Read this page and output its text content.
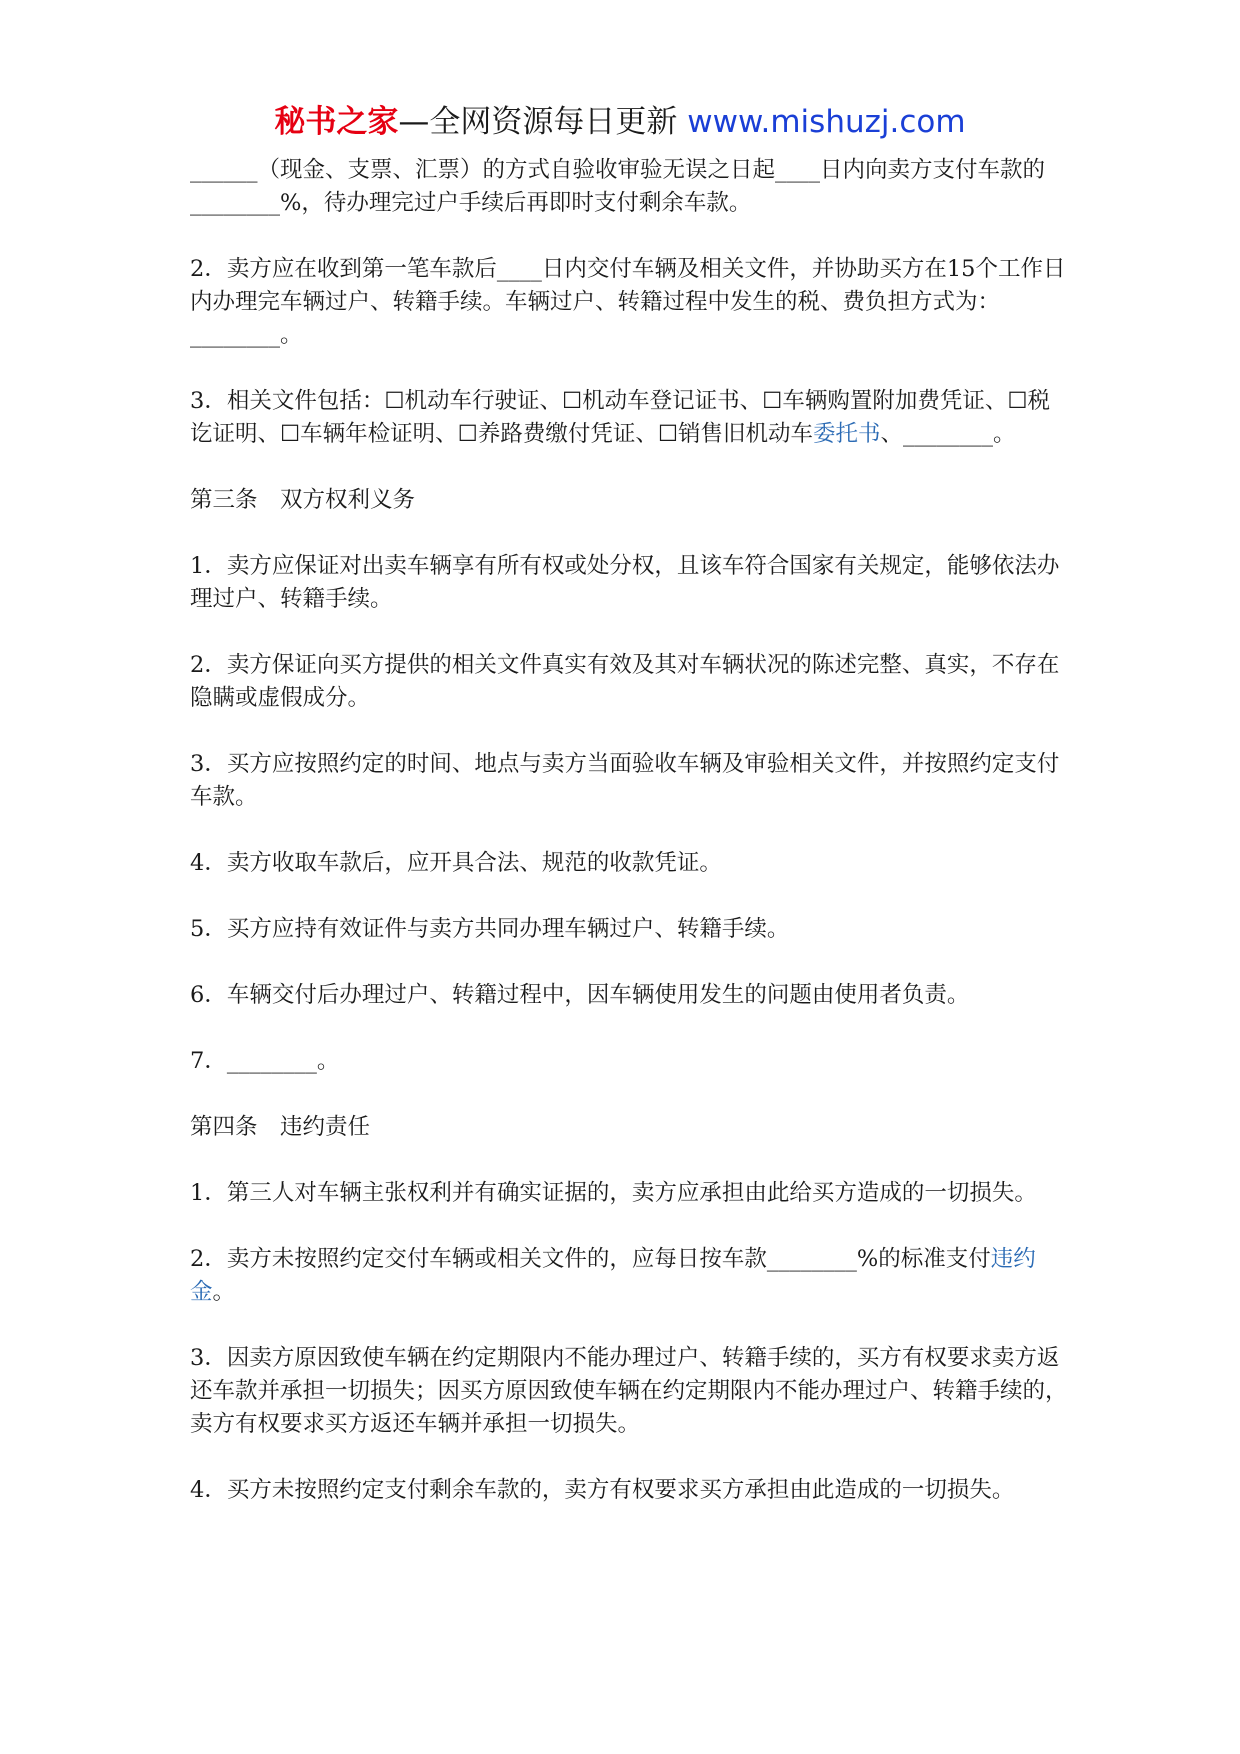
秘书之家—全网资源每日更新 www.mishuzj.com

______（现金、支票、汇票）的方式自验收审验无误之日起____日内向卖方支付车款的________%，待办理完过户手续后再即时支付剩余车款。

2．卖方应在收到第一笔车款后____日内交付车辆及相关文件，并协助买方在15个工作日内办理完车辆过户、转籍手续。车辆过户、转籍过程中发生的税、费负担方式为：________。

3．相关文件包括：☐机动车行驶证、☐机动车登记证书、☐车辆购置附加费凭证、☐税讫证明、☐车辆年检证明、☐养路费缴付凭证、☐销售旧机动车委托书、________。

第三条　双方权利义务

1．卖方应保证对出卖车辆享有所有权或处分权，且该车符合国家有关规定，能够依法办理过户、转籍手续。

2．卖方保证向买方提供的相关文件真实有效及其对车辆状况的陈述完整、真实，不存在隐瞒或虚假成分。

3．买方应按照约定的时间、地点与卖方当面验收车辆及审验相关文件，并按照约定支付车款。

4．卖方收取车款后，应开具合法、规范的收款凭证。

5．买方应持有效证件与卖方共同办理车辆过户、转籍手续。

6．车辆交付后办理过户、转籍过程中，因车辆使用发生的问题由使用者负责。

7．________。

第四条　违约责任

1．第三人对车辆主张权利并有确实证据的，卖方应承担由此给买方造成的一切损失。

2．卖方未按照约定交付车辆或相关文件的，应每日按车款________%的标准支付违约金。

3．因卖方原因致使车辆在约定期限内不能办理过户、转籍手续的，买方有权要求卖方返还车款并承担一切损失；因买方原因致使车辆在约定期限内不能办理过户、转籍手续的，卖方有权要求买方返还车辆并承担一切损失。

4．买方未按照约定支付剩余车款的，卖方有权要求买方承担由此造成的一切损失。
